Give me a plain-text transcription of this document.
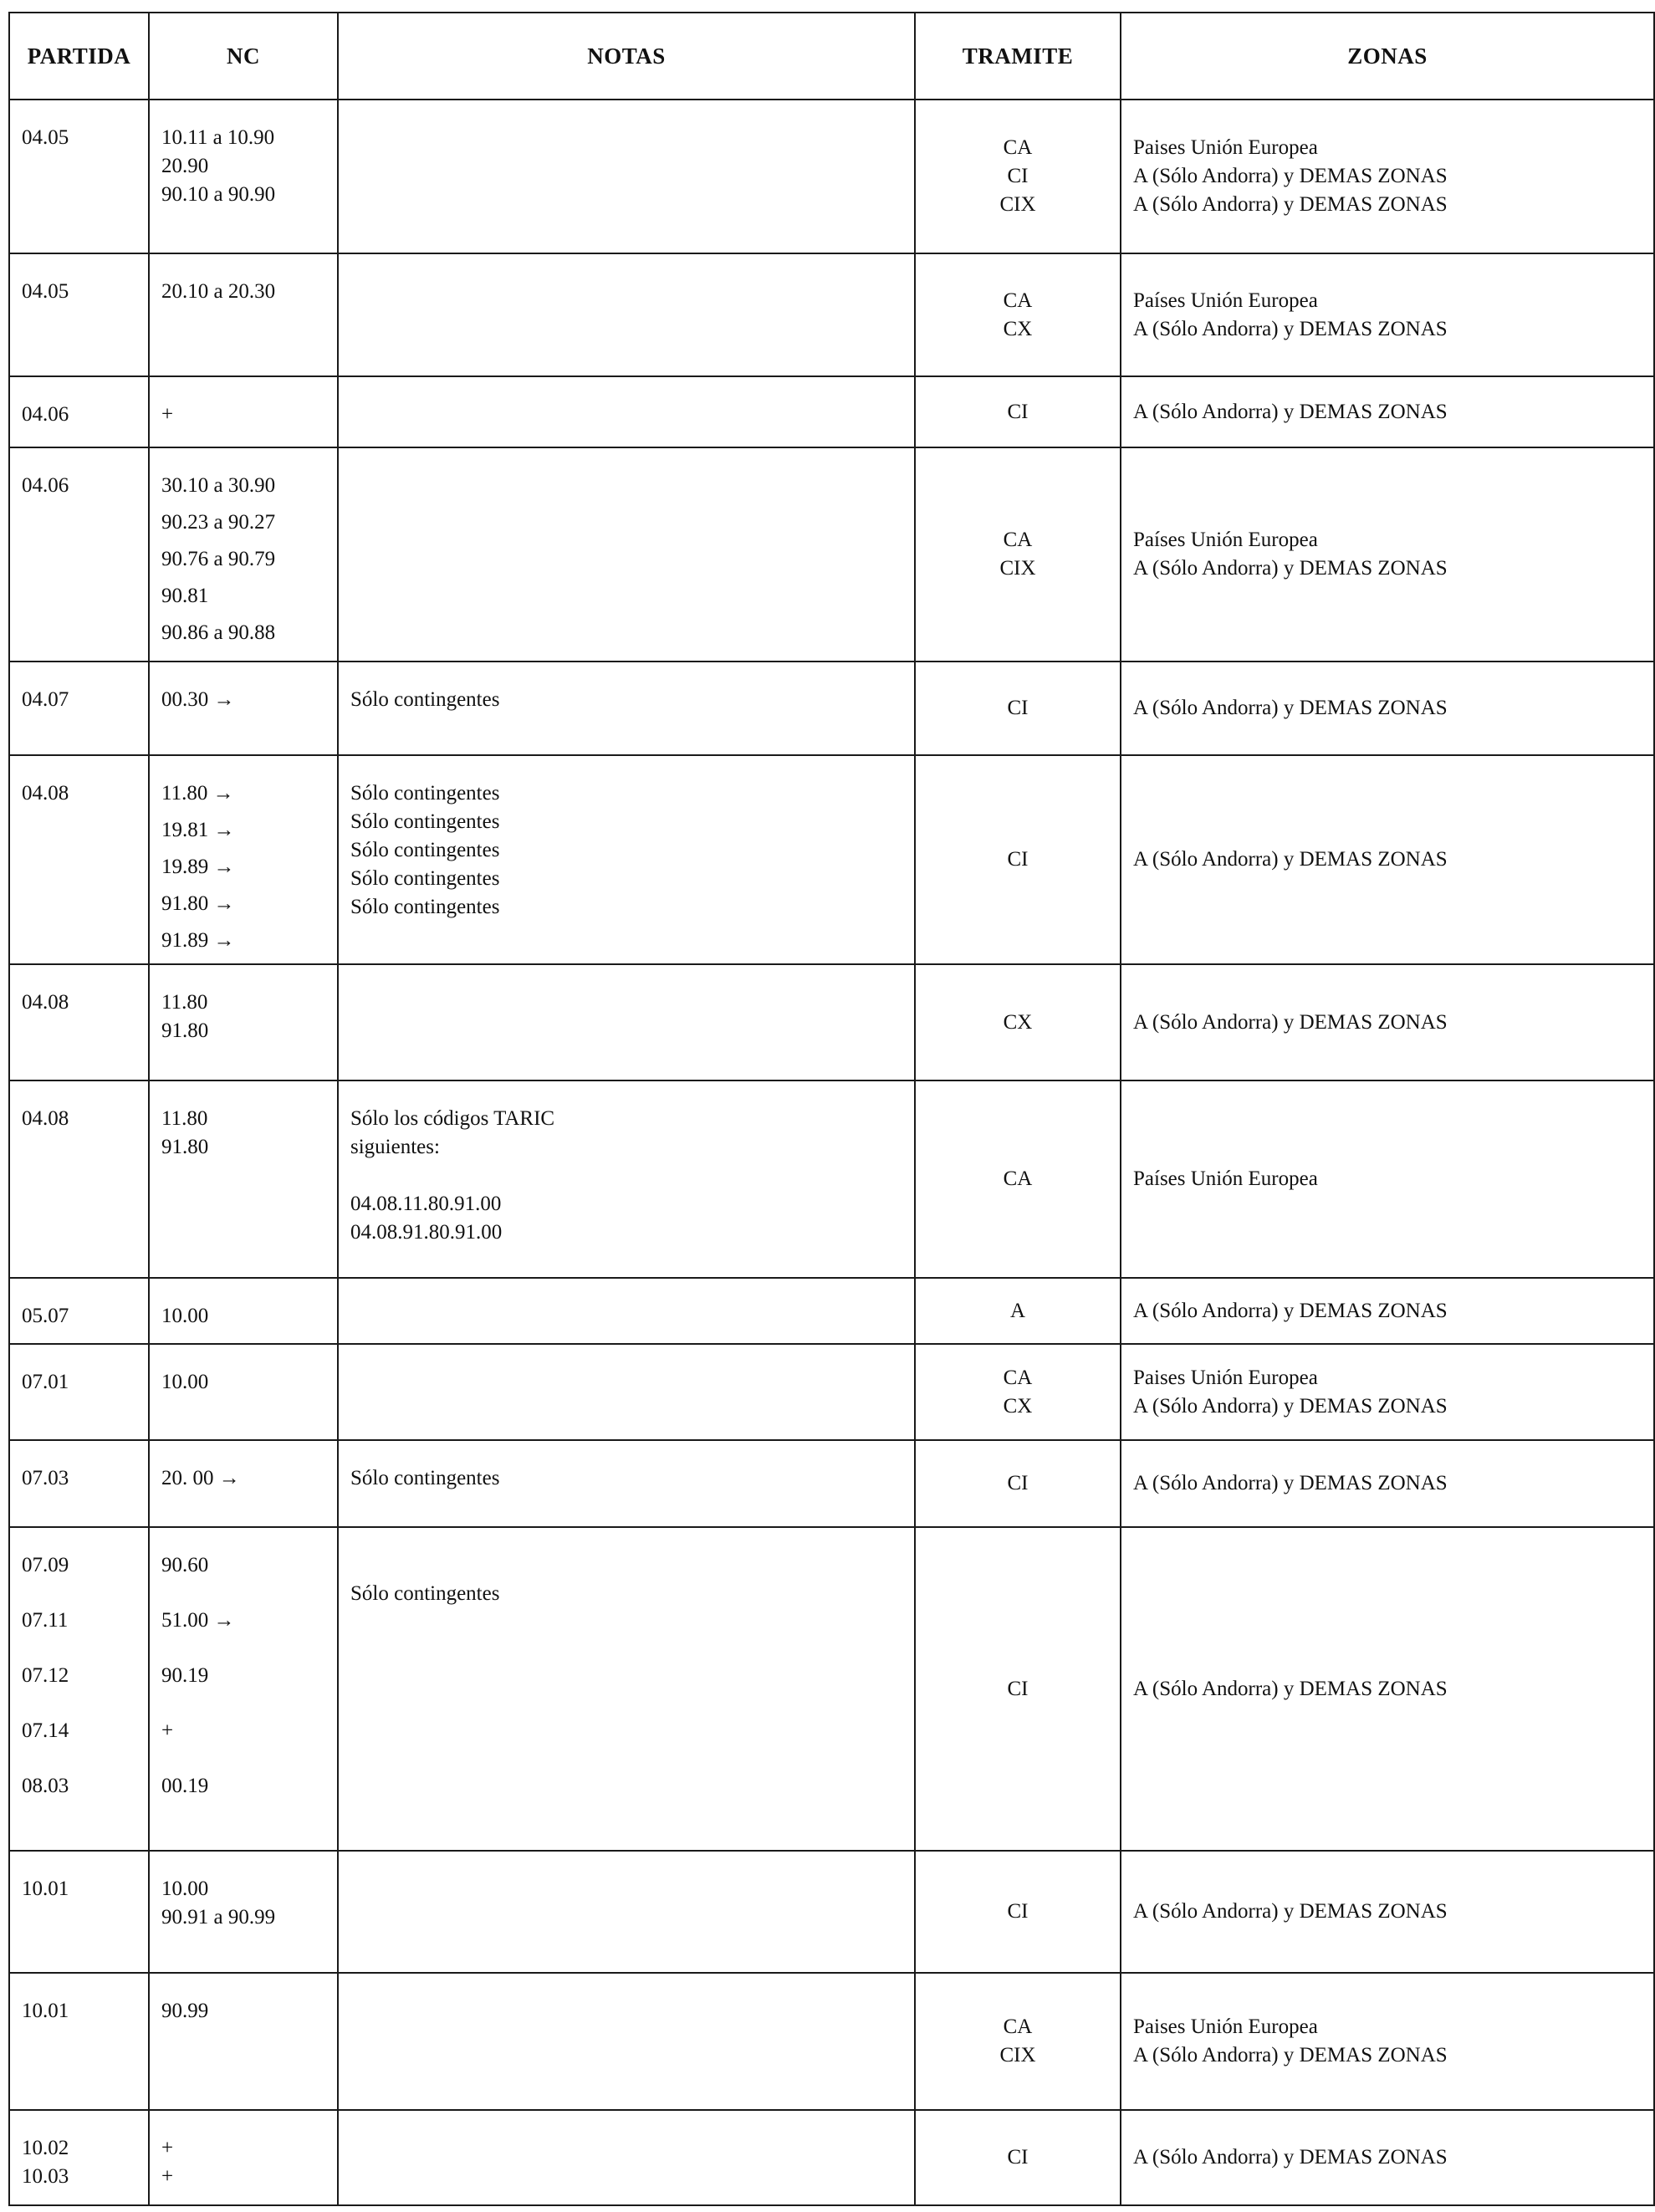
PARTIDA	NC	NOTAS	TRAMITE	ZONAS

04.05	10.11 a 10.90
20.90
90.10 a 90.90		CA
CI
CIX	Paises Unión Europea
A (Sólo Andorra) y DEMAS ZONAS
A (Sólo Andorra) y DEMAS ZONAS

04.05	20.10 a 20.30		CA
CX	Países Unión Europea
A (Sólo Andorra) y DEMAS ZONAS

04.06	+		CI	A (Sólo Andorra) y DEMAS ZONAS

04.06	30.10 a 30.90
90.23 a 90.27
90.76 a 90.79
90.81
90.86 a 90.88		CA
CIX	Países Unión Europea
A (Sólo Andorra) y DEMAS ZONAS

04.07	00.30 →	Sólo contingentes	CI	A (Sólo Andorra) y DEMAS ZONAS

04.08	11.80 →
19.81 →
19.89 →
91.80 →
91.89 →	Sólo contingentes
Sólo contingentes
Sólo contingentes
Sólo contingentes
Sólo contingentes	CI	A (Sólo Andorra) y DEMAS ZONAS

04.08	11.80
91.80		CX	A (Sólo Andorra) y DEMAS ZONAS

04.08	11.80
91.80	Sólo los códigos TARIC
siguientes:
04.08.11.80.91.00
04.08.91.80.91.00	CA	Países Unión Europea

05.07	10.00		A	A (Sólo Andorra) y DEMAS ZONAS

07.01	10.00		CA
CX	Paises Unión Europea
A (Sólo Andorra) y DEMAS ZONAS

07.03	20. 00 →	Sólo contingentes	CI	A (Sólo Andorra) y DEMAS ZONAS

07.09
07.11
07.12
07.14
08.03	90.60
51.00 →
90.19
+
00.19	Sólo contingentes	CI	A (Sólo Andorra) y DEMAS ZONAS

10.01	10.00
90.91 a 90.99		CI	A (Sólo Andorra) y DEMAS ZONAS

10.01	90.99		CA
CIX	Paises Unión Europea
A (Sólo Andorra) y DEMAS ZONAS

10.02
10.03	+
+		CI	A (Sólo Andorra) y DEMAS ZONAS
